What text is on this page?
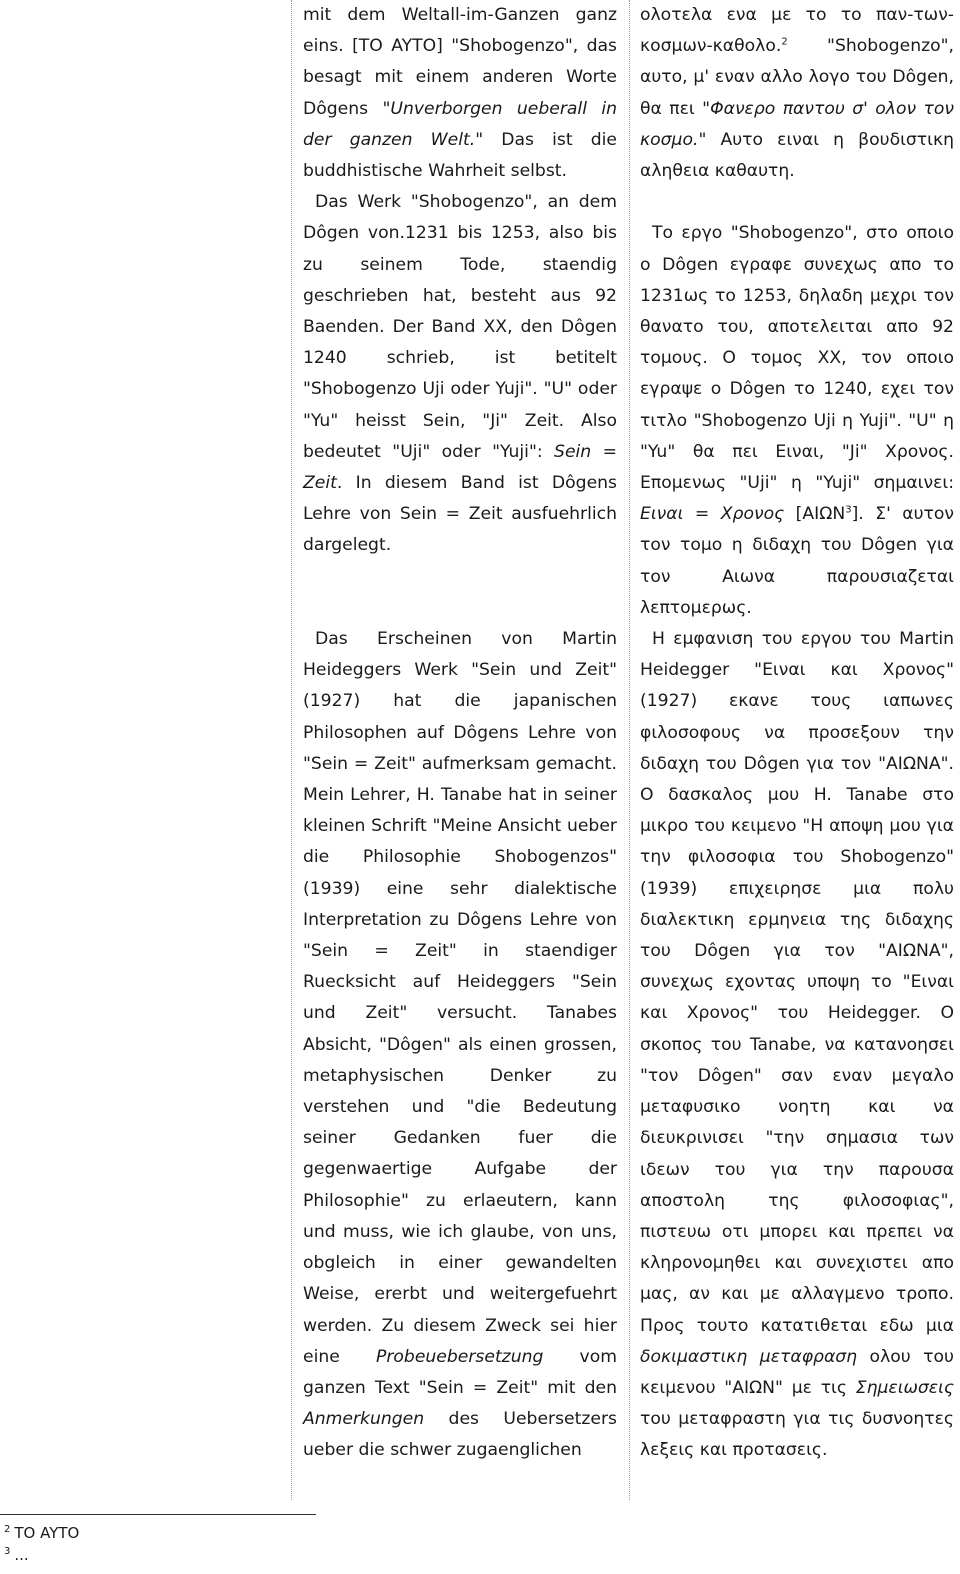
mit dem Weltall-im-Ganzen ganz eins. [TO AYTO] "Shobogenzo", das besagt mit einem anderen Worte Dôgens "Unverborgen ueberall in der ganzen Welt." Das ist die buddhistische Wahrheit selbst.

Das Werk "Shobogenzo", an dem Dôgen von.1231 bis 1253, also bis zu seinem Tode, staendig geschrieben hat, besteht aus 92 Baenden. Der Band XX, den Dôgen 1240 schrieb, ist betitelt "Shobogenzo Uji oder Yuji". "U" oder "Yu" heisst Sein, "Ji" Zeit. Also bedeutet "Uji" oder "Yuji": Sein = Zeit. In diesem Band ist Dôgens Lehre von Sein = Zeit ausfuehrlich dargelegt.

Das Erscheinen von Martin Heideggers Werk "Sein und Zeit" (1927) hat die japanischen Philosophen auf Dôgens Lehre von "Sein = Zeit" aufmerksam gemacht. Mein Lehrer, H. Tanabe hat in seiner kleinen Schrift "Meine Ansicht ueber die Philosophie Shobogenzos" (1939) eine sehr dialektische Interpretation zu Dôgens Lehre von "Sein = Zeit" in staendiger Ruecksicht auf Heideggers "Sein und Zeit" versucht. Tanabes Absicht, "Dôgen" als einen grossen, metaphysischen Denker zu verstehen und "die Bedeutung seiner Gedanken fuer die gegenwaertige Aufgabe der Philosophie" zu erlaeutern, kann und muss, wie ich glaube, von uns, obgleich in einer gewandelten Weise, ererbt und weitergefuehrt werden. Zu diesem Zweck sei hier eine Probeuebersetzung vom ganzen Text "Sein = Zeit" mit den Anmerkungen des Uebersetzers ueber die schwer zugaenglichen

ολοτελα ενα με το το παν-των-κοσμων-καθολο.$^2$ "Shobogenzo", αυτο, μ' εναν αλλο λογο του Dôgen, θα πει "Φανερο παντου σ' ολον τον κοσμο." Αυτο ειναι η βουδιστικη αληθεια καθαυτη.

Το εργο "Shobogenzo", στο οποιο ο Dôgen εγραφε συνεχως απο το 1231ως το 1253, δηλαδη μεχρι τον θανατο του, αποτελειται απο 92 τομους. Ο τομος XX, τον οποιο εγραψε ο Dôgen το 1240, εχει τον τιτλο "Shobogenzo Uji η Yuji". "U" η "Yu" θα πει Ειναι, "Ji" Χρονος. Επομενως "Uji" η "Yuji" σημαινει: Ειναι = Χρονος [ΑΙΩΝ$^3$]. Σ' αυτον τον τομο η διδαχη του Dôgen για τον Αιωνα παρουσιαζεται λεπτομερως.

Η εμφανιση του εργου του Martin Heidegger "Ειναι και Χρονος" (1927) εκανε τους ιαπωνες φιλοσοφους να προσεξουν την διδαχη του Dôgen για τον "ΑΙΩΝΑ". Ο δασκαλος μου H. Tanabe στο μικρο του κειμενο "Η αποψη μου για την φιλοσοφια του Shobogenzo" (1939) επιχειρησε μια πολυ διαλεκτικη ερμηνεια της διδαχης του Dôgen για τον "ΑΙΩΝΑ", συνεχως εχοντας υποψη το "Ειναι και Χρονος" του Heidegger. Ο σκοπος του Tanabe, να κατανοησει "τον Dôgen" σαν εναν μεγαλο μεταφυσικο νοητη και να διευκρινισει "την σημασια των ιδεων του για την παρουσα αποστολη της φιλοσοφιας", πιστευω οτι μπορει και πρεπει να κληρονομηθει και συνεχιστει απο μας, αν και με αλλαγμενο τροπο. Προς τουτο κατατιθεται εδω μια δοκιμαστικη μεταφραση ολου του κειμενου "ΑΙΩΝ" με τις Σημειωσεις του μεταφραστη για τις δυσνοητες λεξεις και προτασεις.

$^2$ TO AYTO
$^3$ ...
